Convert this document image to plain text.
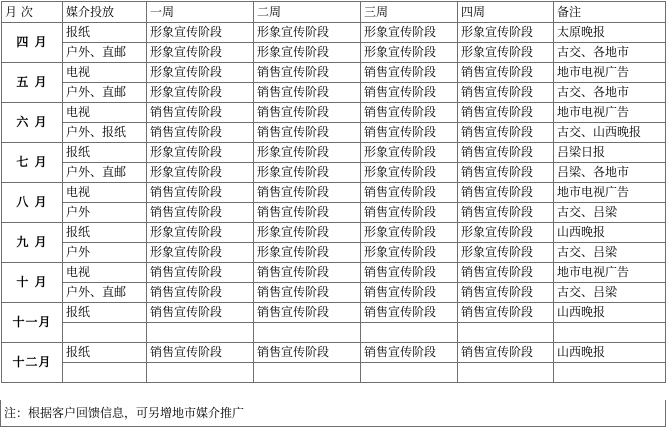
月 次	媒介投放	一周	二周	三周	四周	备注
四 月	报纸	形象宣传阶段	形象宣传阶段	形象宣传阶段	形象宣传阶段	太原晚报
	户外、直邮	形象宣传阶段	形象宣传阶段	形象宣传阶段	形象宣传阶段	古交、各地市
五 月	电视	形象宣传阶段	销售宣传阶段	销售宣传阶段	销售宣传阶段	地市电视广告
	户外、直邮	形象宣传阶段	销售宣传阶段	销售宣传阶段	销售宣传阶段	古交、各地市
六 月	电视	销售宣传阶段	销售宣传阶段	销售宣传阶段	销售宣传阶段	地市电视广告
	户外、报纸	销售宣传阶段	销售宣传阶段	销售宣传阶段	销售宣传阶段	古交、山西晚报
七 月	报纸	形象宣传阶段	形象宣传阶段	形象宣传阶段	销售宣传阶段	吕梁日报
	户外、直邮	形象宣传阶段	形象宣传阶段	形象宣传阶段	销售宣传阶段	吕梁、各地市
八 月	电视	销售宣传阶段	销售宣传阶段	销售宣传阶段	销售宣传阶段	地市电视广告
	户外	销售宣传阶段	销售宣传阶段	销售宣传阶段	销售宣传阶段	古交、吕梁
九 月	报纸	形象宣传阶段	形象宣传阶段	形象宣传阶段	形象宣传阶段	山西晚报
	户外	形象宣传阶段	形象宣传阶段	形象宣传阶段	形象宣传阶段	古交、吕梁
十 月	电视	销售宣传阶段	销售宣传阶段	销售宣传阶段	销售宣传阶段	地市电视广告
	户外、直邮	销售宣传阶段	销售宣传阶段	销售宣传阶段	销售宣传阶段	古交、吕梁
十一月	报纸	销售宣传阶段	销售宣传阶段	销售宣传阶段	销售宣传阶段	山西晚报

十二月	报纸	销售宣传阶段	销售宣传阶段	销售宣传阶段	销售宣传阶段	山西晚报

注：根据客户回馈信息，可另增地市媒介推广
